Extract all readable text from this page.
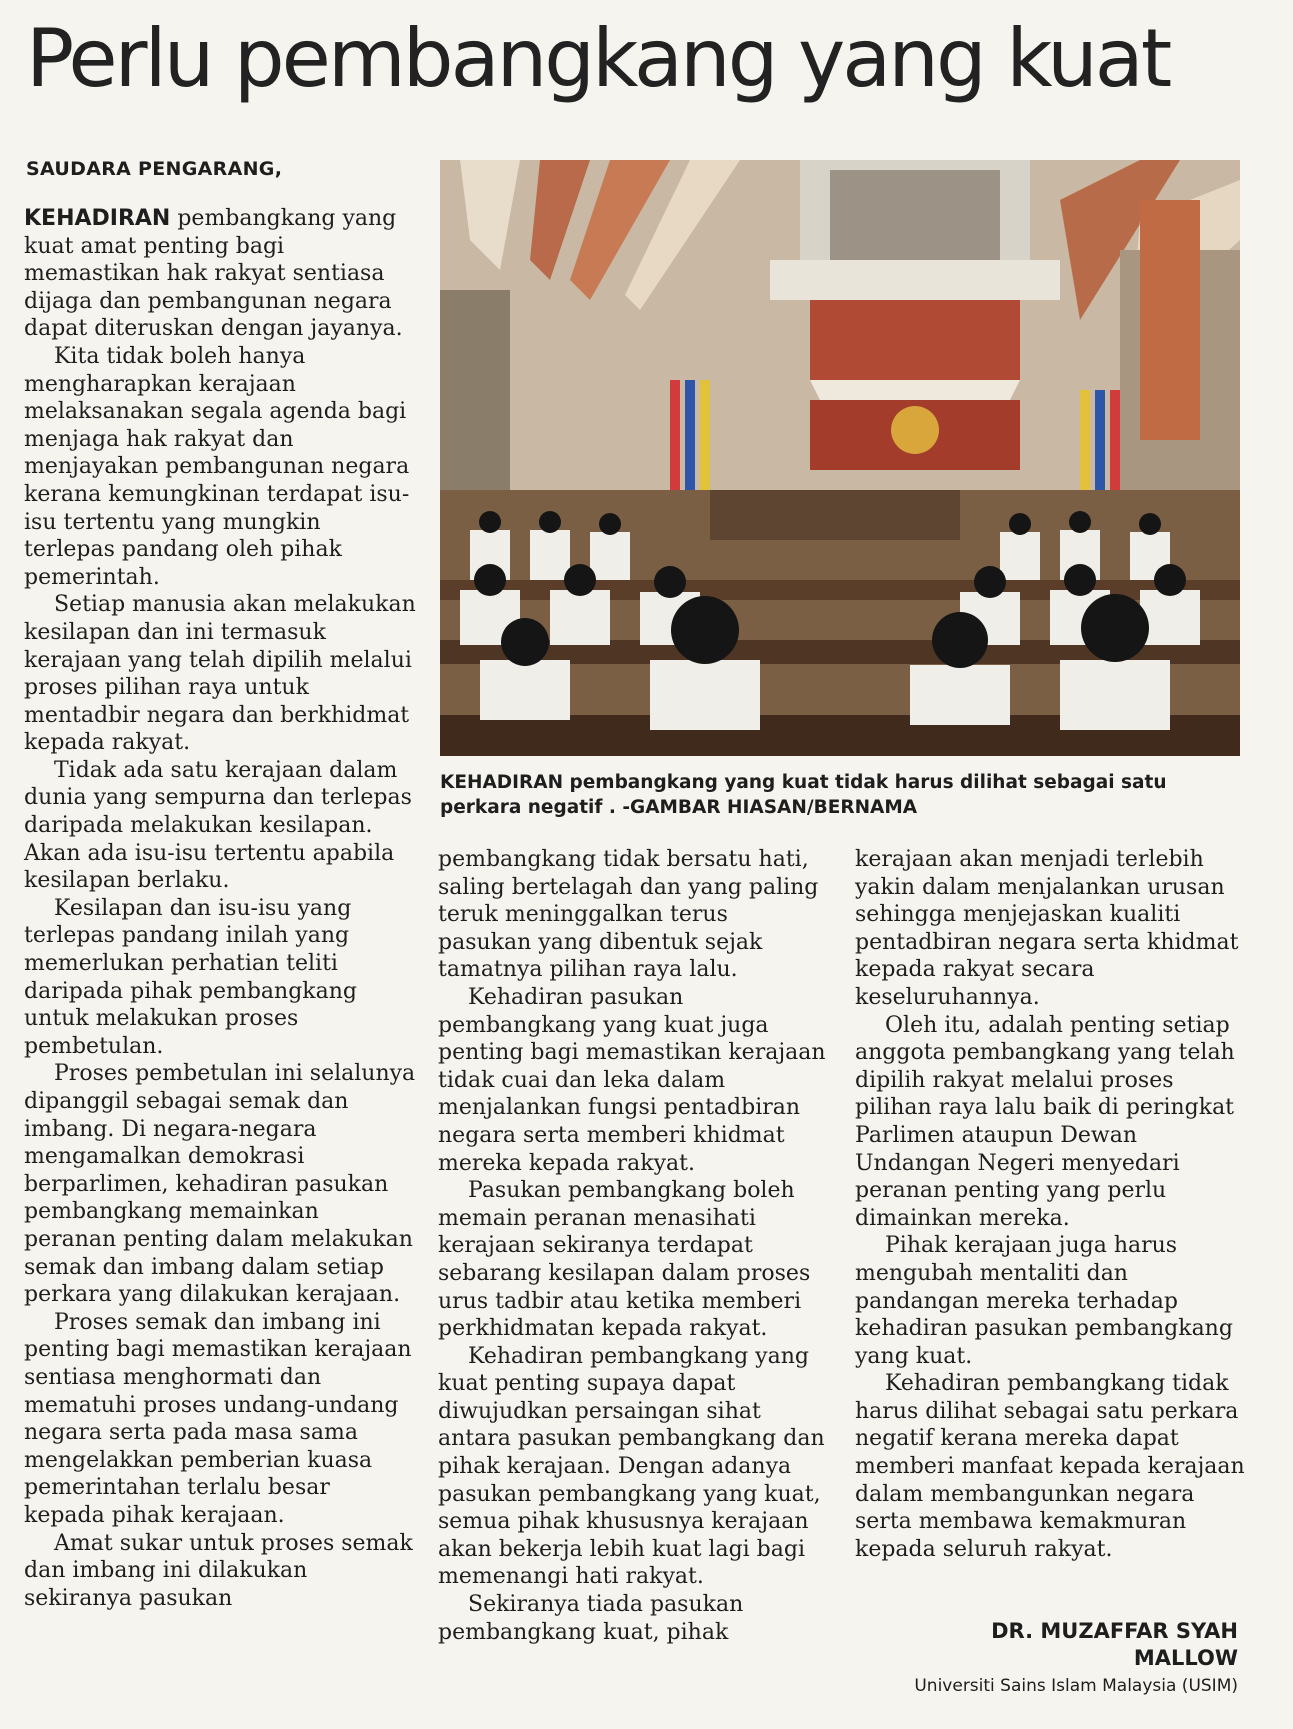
Perlu pembangkang yang kuat

SAUDARA PENGARANG,

KEHADIRAN pembangkang yang kuat amat penting bagi memastikan hak rakyat sentiasa dijaga dan pembangunan negara dapat diteruskan dengan jayanya.

Kita tidak boleh hanya mengharapkan kerajaan melaksanakan segala agenda bagi menjaga hak rakyat dan menjayakan pembangunan negara kerana kemungkinan terdapat isu-isu tertentu yang mungkin terlepas pandang oleh pihak pemerintah.

Setiap manusia akan melakukan kesilapan dan ini termasuk kerajaan yang telah dipilih melalui proses pilihan raya untuk mentadbir negara dan berkhidmat kepada rakyat.

Tidak ada satu kerajaan dalam dunia yang sempurna dan terlepas daripada melakukan kesilapan. Akan ada isu-isu tertentu apabila kesilapan berlaku.

Kesilapan dan isu-isu yang terlepas pandang inilah yang memerlukan perhatian teliti daripada pihak pembangkang untuk melakukan proses pembetulan.

Proses pembetulan ini selalunya dipanggil sebagai semak dan imbang. Di negara-negara mengamalkan demokrasi berparlimen, kehadiran pasukan pembangkang memainkan peranan penting dalam melakukan semak dan imbang dalam setiap perkara yang dilakukan kerajaan.

Proses semak dan imbang ini penting bagi memastikan kerajaan sentiasa menghormati dan mematuhi proses undang-undang negara serta pada masa sama mengelakkan pemberian kuasa pemerintahan terlalu besar kepada pihak kerajaan.

Amat sukar untuk proses semak dan imbang ini dilakukan sekiranya pasukan

KEHADIRAN pembangkang yang kuat tidak harus dilihat sebagai satu perkara negatif . -GAMBAR HIASAN/BERNAMA

pembangkang tidak bersatu hati, saling bertelagah dan yang paling teruk meninggalkan terus pasukan yang dibentuk sejak tamatnya pilihan raya lalu.

Kehadiran pasukan pembangkang yang kuat juga penting bagi memastikan kerajaan tidak cuai dan leka dalam menjalankan fungsi pentadbiran negara serta memberi khidmat mereka kepada rakyat.

Pasukan pembangkang boleh memain peranan menasihati kerajaan sekiranya terdapat sebarang kesilapan dalam proses urus tadbir atau ketika memberi perkhidmatan kepada rakyat.

Kehadiran pembangkang yang kuat penting supaya dapat diwujudkan persaingan sihat antara pasukan pembangkang dan pihak kerajaan. Dengan adanya pasukan pembangkang yang kuat, semua pihak khususnya kerajaan akan bekerja lebih kuat lagi bagi memenangi hati rakyat.

Sekiranya tiada pasukan pembangkang kuat, pihak

kerajaan akan menjadi terlebih yakin dalam menjalankan urusan sehingga menjejaskan kualiti pentadbiran negara serta khidmat kepada rakyat secara keseluruhannya.

Oleh itu, adalah penting setiap anggota pembangkang yang telah dipilih rakyat melalui proses pilihan raya lalu baik di peringkat Parlimen ataupun Dewan Undangan Negeri menyedari peranan penting yang perlu dimainkan mereka.

Pihak kerajaan juga harus mengubah mentaliti dan pandangan mereka terhadap kehadiran pasukan pembangkang yang kuat.

Kehadiran pembangkang tidak harus dilihat sebagai satu perkara negatif kerana mereka dapat memberi manfaat kepada kerajaan dalam membangunkan negara serta membawa kemakmuran kepada seluruh rakyat.

DR. MUZAFFAR SYAH

MALLOW

Universiti Sains Islam Malaysia (USIM)
